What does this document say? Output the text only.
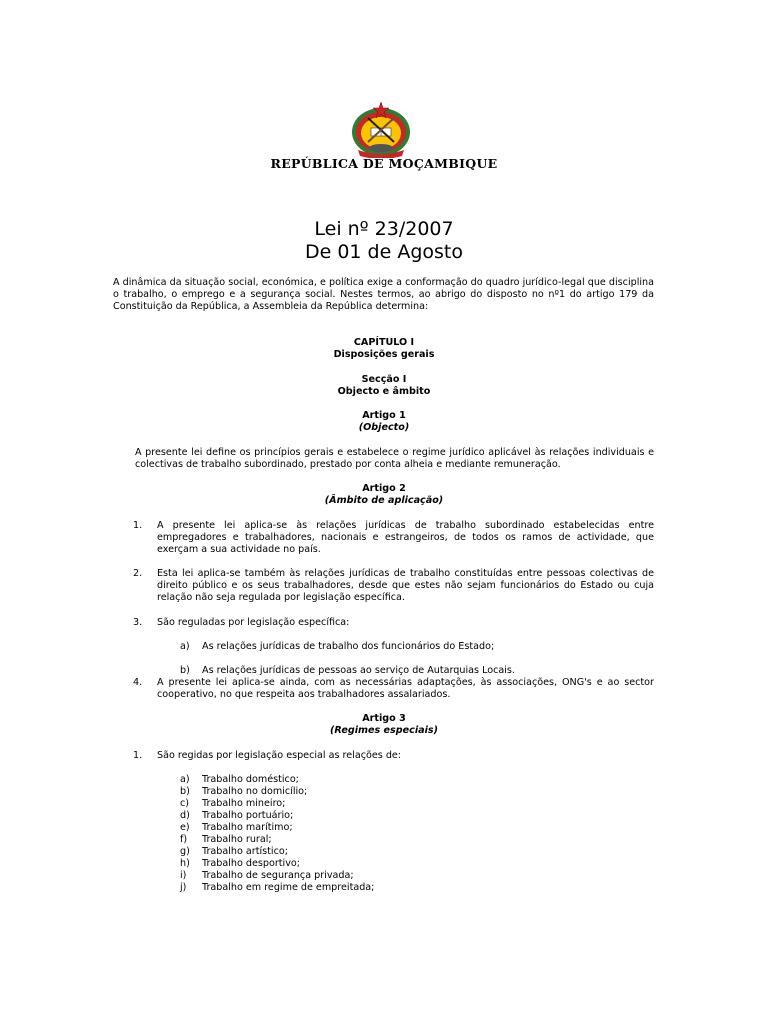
REPÚBLICA DE MOÇAMBIQUE
Lei nº 23/2007
De 01 de Agosto
A dinâmica da situação social, económica, e política exige a conformação do quadro jurídico-legal que disciplina o trabalho, o emprego e a segurança social. Nestes termos, ao abrigo do disposto no nº1 do artigo 179 da Constituição da República, a Assembleia da República determina:
CAPÍTULO I
Disposições gerais
Secção I
Objecto e âmbito
Artigo 1
(Objecto)
A presente lei define os princípios gerais e estabelece o regime jurídico aplicável às relações individuais e colectivas de trabalho subordinado, prestado por conta alheia e mediante remuneração.
Artigo 2
(Âmbito de aplicação)
1. A presente lei aplica-se às relações jurídicas de trabalho subordinado estabelecidas entre empregadores e trabalhadores, nacionais e estrangeiros, de todos os ramos de actividade, que exerçam a sua actividade no país.
2. Esta lei aplica-se também às relações jurídicas de trabalho constituídas entre pessoas colectivas de direito público e os seus trabalhadores, desde que estes não sejam funcionários do Estado ou cuja relação não seja regulada por legislação específica.
3. São reguladas por legislação específica:
a) As relações jurídicas de trabalho dos funcionários do Estado;
b) As relações jurídicas de pessoas ao serviço de Autarquias Locais.
4. A presente lei aplica-se ainda, com as necessárias adaptações, às associações, ONG's e ao sector cooperativo, no que respeita aos trabalhadores assalariados.
Artigo 3
(Regimes especiais)
1. São regidas por legislação especial as relações de:
a) Trabalho doméstico;
b) Trabalho no domicílio;
c) Trabalho mineiro;
d) Trabalho portuário;
e) Trabalho marítimo;
f) Trabalho rural;
g) Trabalho artístico;
h) Trabalho desportivo;
i) Trabalho de segurança privada;
j) Trabalho em regime de empreitada;
